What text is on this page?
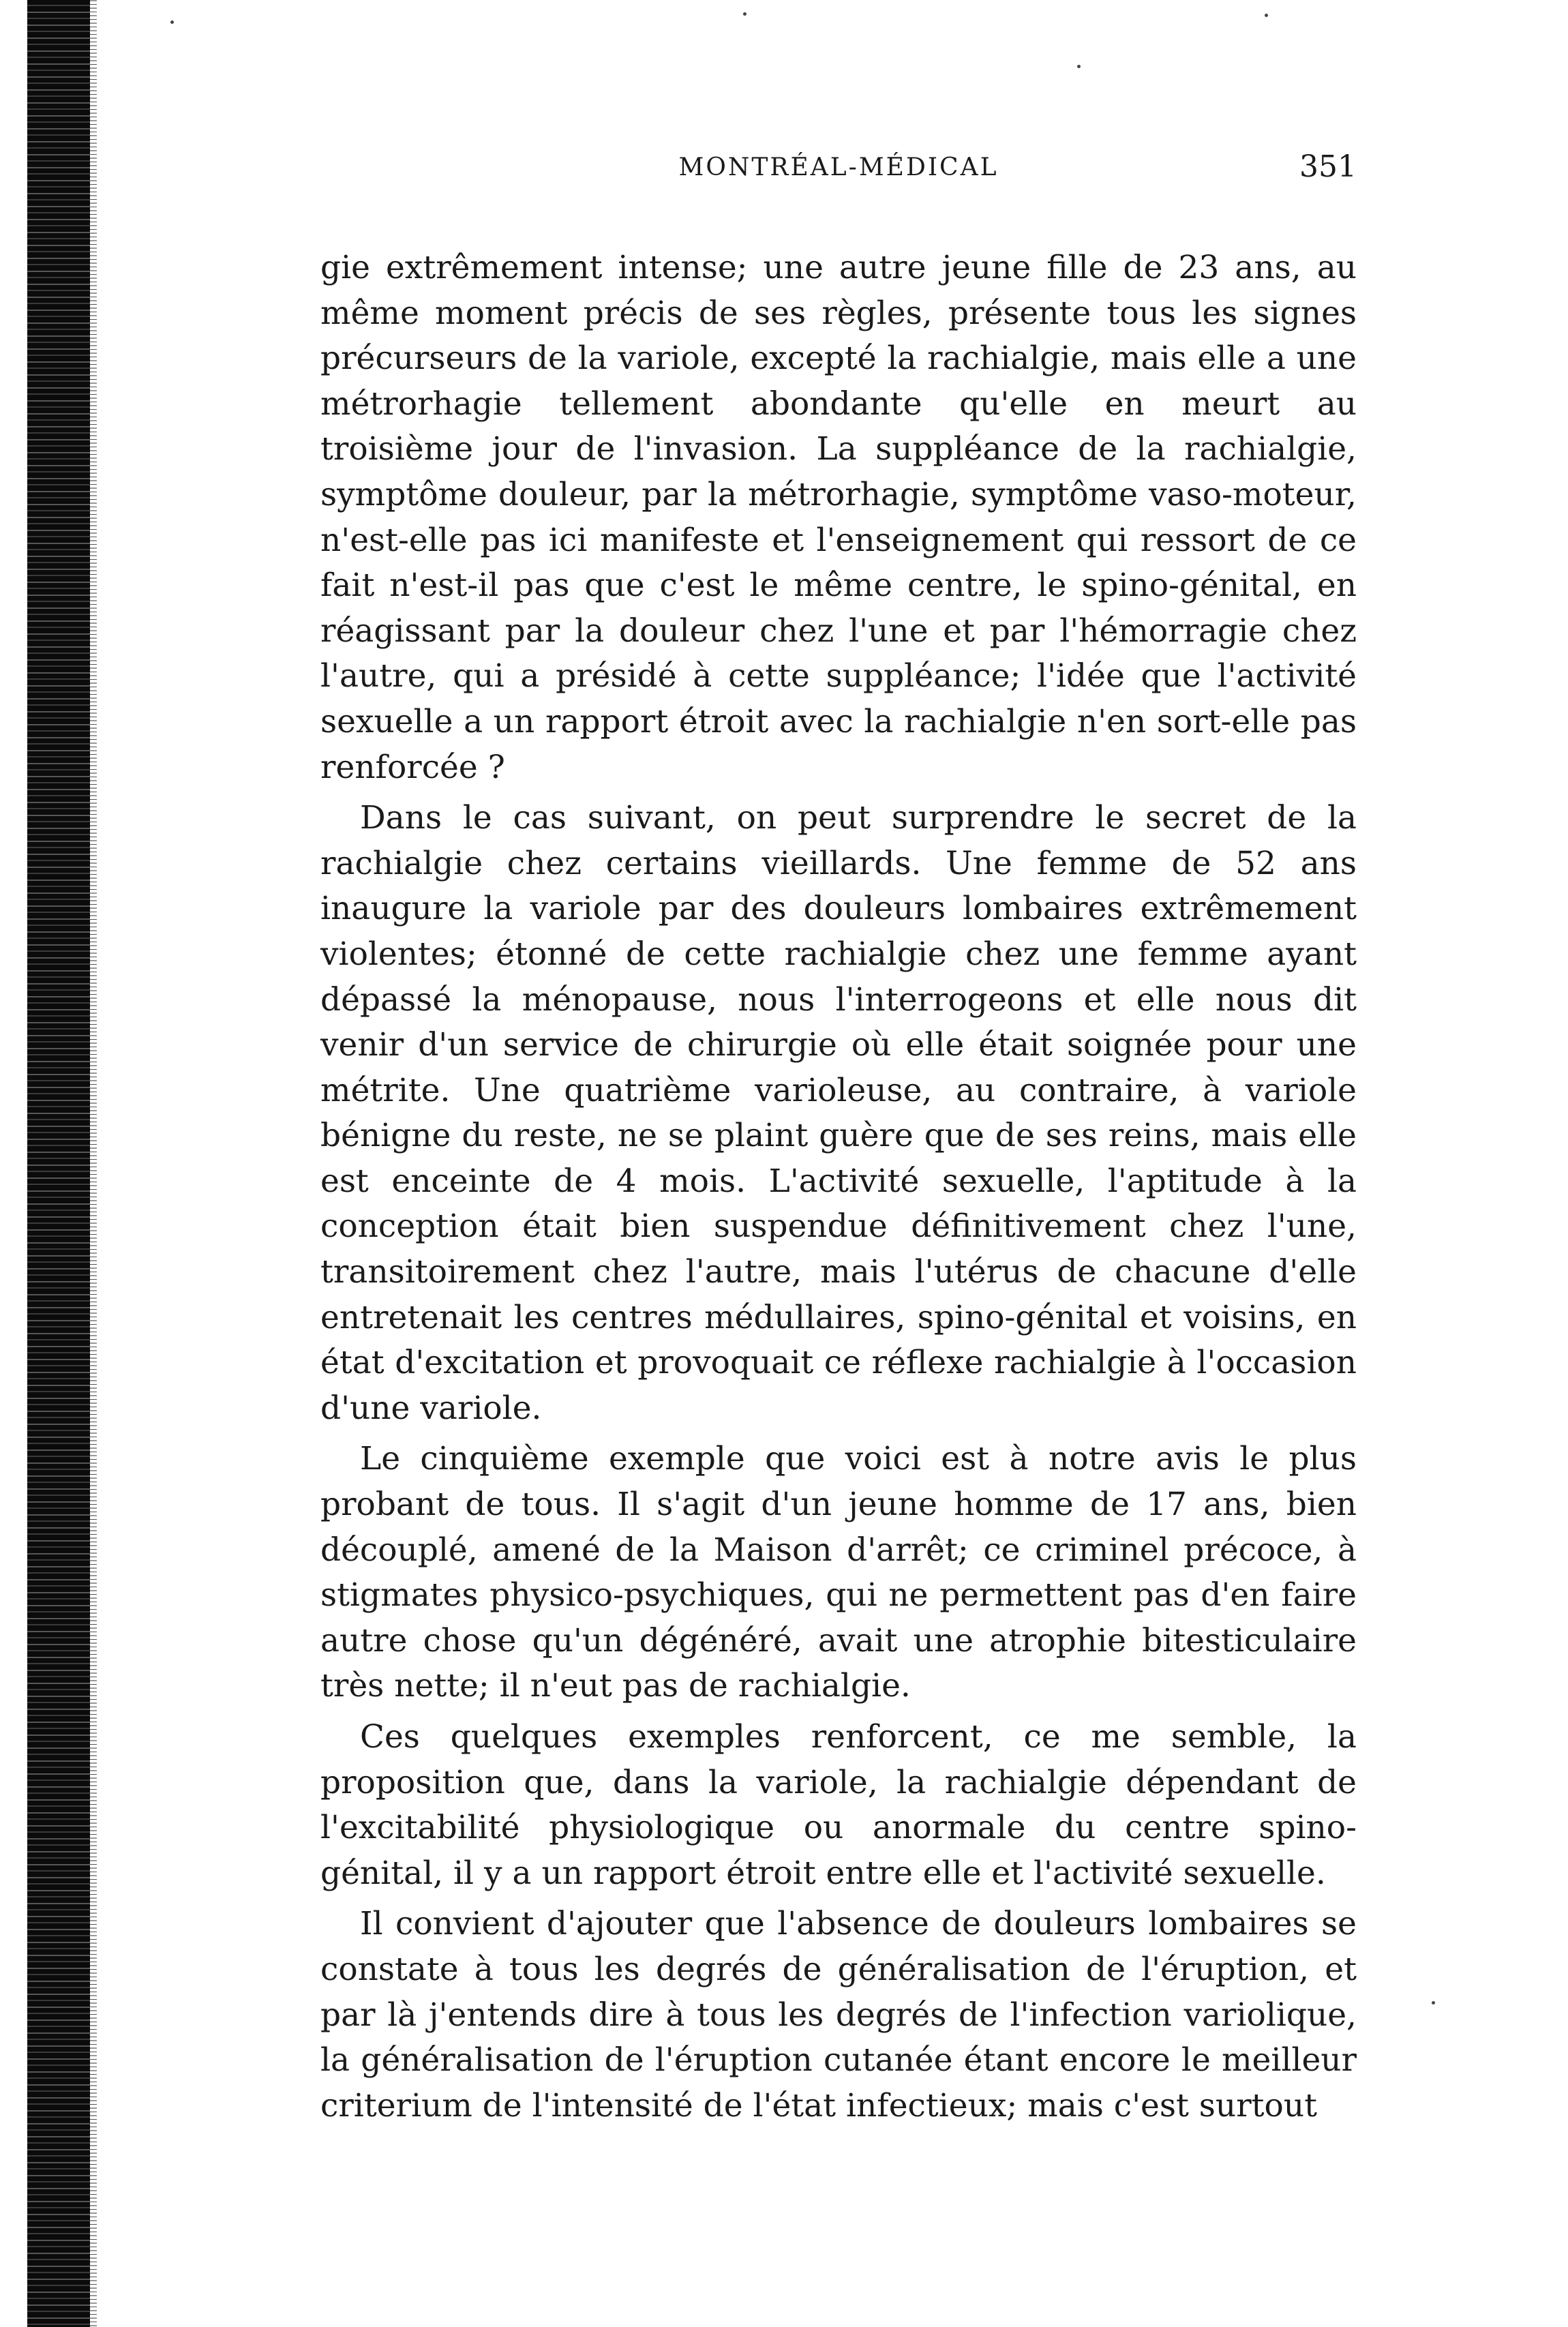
MONTRÉAL-MÉDICAL	351

gie extrêmement intense; une autre jeune fille de 23 ans, au même moment précis de ses règles, présente tous les signes précurseurs de la variole, excepté la rachialgie, mais elle a une métrorhagie tellement abondante qu'elle en meurt au troisième jour de l'invasion. La suppléance de la rachialgie, symptôme douleur, par la métrorhagie, symptôme vaso-moteur, n'est-elle pas ici manifeste et l'enseignement qui ressort de ce fait n'est-il pas que c'est le même centre, le spino-génital, en réagissant par la douleur chez l'une et par l'hémorragie chez l'autre, qui a présidé à cette suppléance; l'idée que l'activité sexuelle a un rapport étroit avec la rachialgie n'en sort-elle pas renforcée ?

Dans le cas suivant, on peut surprendre le secret de la rachialgie chez certains vieillards. Une femme de 52 ans inaugure la variole par des douleurs lombaires extrêmement violentes; étonné de cette rachialgie chez une femme ayant dépassé la ménopause, nous l'interrogeons et elle nous dit venir d'un service de chirurgie où elle était soignée pour une métrite. Une quatrième varioleuse, au contraire, à variole bénigne du reste, ne se plaint guère que de ses reins, mais elle est enceinte de 4 mois. L'activité sexuelle, l'aptitude à la conception était bien suspendue définitivement chez l'une, transitoirement chez l'autre, mais l'utérus de chacune d'elle entretenait les centres médullaires, spino-génital et voisins, en état d'excitation et provoquait ce réflexe rachialgie à l'occasion d'une variole.

Le cinquième exemple que voici est à notre avis le plus probant de tous. Il s'agit d'un jeune homme de 17 ans, bien découplé, amené de la Maison d'arrêt; ce criminel précoce, à stigmates physico-psychiques, qui ne permettent pas d'en faire autre chose qu'un dégénéré, avait une atrophie bitesticulaire très nette; il n'eut pas de rachialgie.

Ces quelques exemples renforcent, ce me semble, la proposition que, dans la variole, la rachialgie dépendant de l'excitabilité physiologique ou anormale du centre spino-génital, il y a un rapport étroit entre elle et l'activité sexuelle.

Il convient d'ajouter que l'absence de douleurs lombaires se constate à tous les degrés de généralisation de l'éruption, et par là j'entends dire à tous les degrés de l'infection variolique, la généralisation de l'éruption cutanée étant encore le meilleur criterium de l'intensité de l'état infectieux; mais c'est surtout
